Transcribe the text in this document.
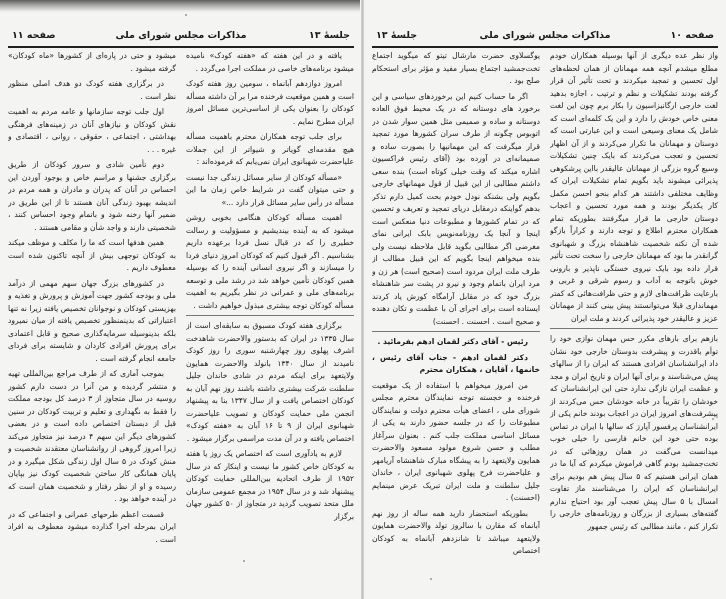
جلسهٔ ۱۳
مذاکرات مجلس شورای ملی
صفحه ۱۱

یافته و در این هفته که «هفته کودک» نامیده میشود برنامه‌های خاصی در مملکت اجرا می‌گردد .

امروز دوازدهم آبانماه ، سومین روز هفته کودک است و همین موقعیت فرخنده مرا بر آن داشته مسأله کودکان را بعنوان یکی از اساسی‌ترین مسائل امروز ایران مطرح نمایم .

برای جلب توجه همکاران محترم باهمیت مسأله هیچ مقدمه‌ای گویاتر و شیواتر از این جملات علیاحضرت شهبانوی ایران نمی‌یابم که فرموده‌اند :

«مسأله کودکان از سایر مسائل زندگی جدا نیست و حتی میتوان گفت در شرایط خاص زمان ما این مسأله در رأس سایر مسائل قرار دارد ...»

اهمیت مسأله کودکان هنگامی بخوبی روشن میشود که به آینده بیندیشیم و مسؤولیت و رسالت خطیری را که در قبال نسل فردا برعهده داریم بشناسیم . اگر قبول کنیم که کودکان امروز دنیای فردا را میسازند و اگر نیروی انسانی آینده را که بوسیله همین کودکان تأمین خواهد شد در رشد ملی و توسعه برنامه‌های ملی و عمرانی در نظر بگیریم به اهمیت مسأله کودکان توجه بیشتری مبذول خواهیم داشت .

برگزاری هفته کودک مسبوق به سابقه‌ای است از سال ۱۳۳۵ در ایران که بدستور والاحضرت شاهدخت اشرف پهلوی روز چهارشنبه سوری را روز کودک نامیدند از سال ۱۳۴۰ بانولد والاحضرت همایون ولایتعهد برای اینکه مردم در شادی خاندان جلیل سلطنت شرکت بیشتری داشته باشند روز نهم آبان به کودکان اختصاص یافت و از سال ۱۳۴۷ بنا به پیشنهاد انجمن ملی حمایت کودکان و تصویب علیاحضرت شهبانوی ایران از ۹ تا ۱۶ آبان به «هفته کودک» اختصاص یافته و در آن مدت مراسمی برگزار میشود .

لازم به یادآوری است که اختصاص یک روز یا هفته به کودکان خاص کشور ما نیست و اینکار که در سال ۱۹۵۲ از طرف اتحادیه بین‌المللی حمایت کودکان پیشنهاد شد و در سال ۱۹۵۴ در مجمع عمومی سازمان ملل متحد تصویب گردید در متجاوز از ۵۰ کشور جهان برگزار

میشود و حتی در پاره‌ای از کشورها «ماه کودکان» گرفته میشود .

در برگزاری هفته کودک دو هدف اصلی منظور نظر است .

اول جلب توجه سازمانها و عامه مردم به اهمیت نقش کودکان و نیازهای آنان در زمینه‌های فرهنگی بهداشتی ، اجتماعی ، حقوقی ، روانی ، اقتصادی و غیره . . .

دوم تأمین شادی و سرور کودکان از طریق برگزاری جشنها و مراسم خاص و بوجود آوردن این احساس در آنان که پدران و مادران و همه مردم در اندیشه بهبود زندگی آنان هستند تا از این طریق در ضمیر آنها رخنه شود و باتمام وجود احساس کنند ، شخصیتی دارند و واجد شأن و مقامی هستند .

همین هدفها است که ما را مکلف و موظف میکند به کودکان توجهی بیش از آنچه تاکنون شده است معطوف داریم .

در کشورهای بزرگ جهان سهم مهمی از درآمد ملی و بودجه کشور جهت آموزش و پرورش و تغذیه و بهزیستی کودکان و نوجوانان تخصیص یافته زیرا نه تنها اعتباراتی که بدینمنظور تخصیص یافته از میان نمیرود بلکه بدینوسیله سرمایه‌گذاری صحیح و قابل اعتمادی برای پرورش افرادی کاردان و شایسته برای فردای جامعه انجام گرفته است .

بموجب آماری که از طرف مراجع بین‌المللی تهیه و منتشر گردیده و من آنرا در دست دارم کشور روسیه در سال متجاوز از ۳ درصد کل بودجه مملکت را فقط به نگهداری و تعلیم و تربیت کودکان در سنین قبل از دبستان اختصاص داده است و در بعضی کشورهای دیگر این سهم ۴ درصد نیز متجاوز می‌کند زیرا امروز گروهی از روانشناسان معتقدند شخصیت و منش کودک در ۵ سال اول زندگی شکل میگیرد و در پایان همانگی کار ساختن شخصیت کودک نیز بپایان رسیده و او از نظر رفتار و شخصیت همان است که در آینده خواهد بود .

قسمت اعظم طرحهای عمرانی و اجتماعی که در ایران بمرحله اجرا گذارده میشود معطوف به افراد است .

صفحه ۱۰
مذاکرات مجلس شورای ملی
جلسهٔ ۱۳

واز نظر عده دیگری از آنها بوسیله همکاران خودم مطلع میشدم آنچه همه مهمانان از همان لحظه‌های اول تحسین و تمجید میکردند و تحت تأثیر آن قرار گرفته بودند تشکیلات و نظم و ترتیب ، اجازه بدهید لغت خارجی ارگانیزاسیون را بکار برم چون این لغت معنی خاص خودش را دارد و این یک کلمه‌ای است که شامل یک معنای وسیعی است و این عبارتی است که دوستان و مهمانان ما تکرار می‌کردند و از آن اظهار تحسین و تعجب می‌کردند که بایک چنین تشکیلات وسیع گروه بزرگی از مهمانان عالیقدر بااین پرشکوهی پذیرائی میشوند باید بگویم تمام تشکیلات ایران که وظایف مختلفی داشتند هر کدام بنحو احسن مکمل کار یکدیگر بودند و همه مورد تحسین و اعجاب دوستان خارجی ما قرار میگرفتند بطوریکه تمام همکاران محترم اطلاع و توجه دارند و کراراً بازگو شده آن نکته شخصیت شاهنشاه بزرگ و شهبانوی گرانقدر ما بود که مهمانان خارجی را سخت تحت تأثیر قرار داده بود بایک نیروی خستگی ناپذیر و بارونی خوش باتوجه به آداب و رسوم شرقی و غربی و بارعایت ظرافت‌های لازم و حتی ظرافت‌هائی که کمتر مهمانداری قبلا می‌توانستند پیش بینی کنند از مهمانان عزیز و عالیقدر خود پذیرائی کردند و ملت ایران

بازهم برای بارهای مکرر حس مهمان نوازی خود را توأم باقدرت و پیشرفت بدوستان خارجی خود نشان داد ایرانشناسان افرادی هستند که ایران را از سالهای پیش می‌شناسند و برای آنها ایران و تاریخ ایران و مجد و عظمت ایران تازگی ندارد حتی این ایرانشناسان که خودشان را تقریباً در خانه خودشان حس می‌کردند از پیشرفت‌های امروز ایران در اعجاب بودند خانم یکی از ایرانشناسان پرفسور آپارز که سالها با ایران در تماس بوده حتی خود این خانم فارسی را خیلی خوب میدانست می‌گفت در همان روزهائی که در تخت‌جمشید بودم گاهی فراموش میکردم که آیا ما در همان ایرانی هستیم که ۵ سال پیش هم بودیم برای ایرانشناسان که ایران را می‌شناسند ماز تفاوت امسال با ۵ سال پیش تعجب آور بود احتیاج ندارم گفته‌های بسیاری از بزرگان و روزنامه‌های خارجی را تکرار کنم ، مانند مطالبی که رئیس جمهور

یوگسلاوی حضرت مارشال تیتو که میگوید اجتماع تخت‌جمشید اجتماع بسیار مفید و مؤثر برای استحکام صلح بود .

اگر ما حساب کنیم این برخوردهای سیاسی و این برخورد های دوستانه که در یک محیط فوق العاده دوستانه و ساده و صمیمی مثل همین سوار شدن در اتوبوس چگونه از طرف سران کشورها مورد تمجید قرار میگرفت که این مهمانیها را بصورت ساده و صمیمانه‌ای در آورده بود (آقای رئیس فراکسیون اشاره میکند که وقت خیلی کوتاه است) بنده سعی داشتم مطالبی از این قبیل از قول مهمانهای خارجی بگویم ولی بشنکه نودل خودم بحت کمیل دارم تذکر بدهم گواینکه درمقابل دریای تمجید و تعریف و تحسین که در تمام کشورها و مطبوعات دنیا منعکس است اینجا و آنجا یک روزنامه‌نویس بابک ایرانی نمای مغرضی اگر مطالبی بگوید قابل ملاحظه نیست ولی بنده میخواهم اینجا بگویم که این قبیل مطالب از طرف ملت ایران مردود است (صحیح است) هر زن و مرد ایران باتمام وجود و نیرو در پشت سر شاهنشاه بزرگ خود که در مقابل آرامگاه کورش یاد کردند ایستاده است برای اجرای آن با عظمت و تکان دهنده و صحیح است . احسنت . احسنت)

رئیس - آقای دکتر لقمان ادهم بفرمائید .

دکتر لقمان ادهم - جناب آقای رئیس ، خانمها ، آقایان ، همکاران محترم

من امروز میخواهم با استفاده از یک موقعیت فرخنده و خجسته توجه نمایندگان محترم مجلس شورای ملی ، اعضای هیأت محترم دولت و نمایندگان مطبوعات را که در جلسه حضور دارند به یکی از مسائل اساسی مملکت جلب کنم . بعنوان سرآغاز مطلب و حسن شروع مولود مسعود والاحضرت همایون ولایتعهد را به پیشگاه مبارک شاهنشاه آریامهر و علیاحضرت فرح پهلوی شهبانوی ایران ، خاندان جلیل سلطنت و ملت ایران تبریک عرض مینمایم (احسنت) .

بطوریکه استحضار دارید همه ساله از روز نهم آبانماه که مقارن با سالروز تولد والاحضرت همایون ولایتعهد میباشد تا شانزدهم آبانماه به کودکان اختصاص
